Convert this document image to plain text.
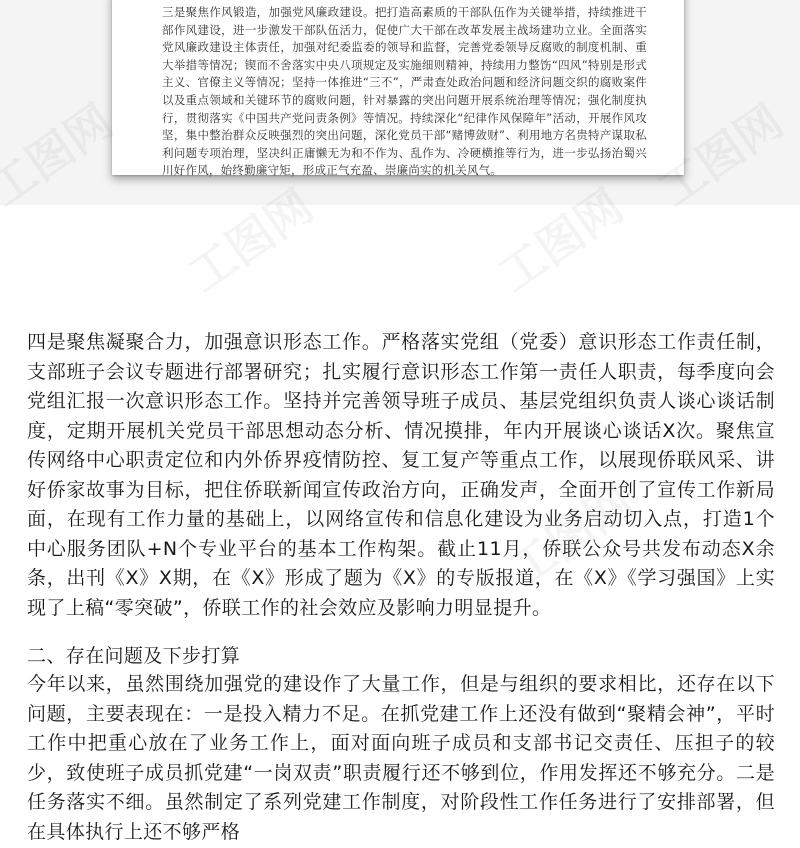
三是聚焦作风锻造，加强党风廉政建设。把打造高素质的干部队伍作为关键举措，持续推进干部作风建设，进一步激发干部队伍活力，促使广大干部在改革发展主战场建功立业。全面落实党风廉政建设主体责任，加强对纪委监委的领导和监督，完善党委领导反腐败的制度机制、重大举措等情况；锲而不舍落实中央八项规定及实施细则精神，持续用力整饬“四风”特别是形式主义、官僚主义等情况；坚持一体推进“三不”，严肃查处政治问题和经济问题交织的腐败案件以及重点领域和关键环节的腐败问题，针对暴露的突出问题开展系统治理等情况；强化制度执行，贯彻落实《中国共产党问责条例》等情况。持续深化“纪律作风保障年”活动，开展作风攻坚，集中整治群众反映强烈的突出问题，深化党员干部“赌博敛财”、利用地方名贵特产谋取私利问题专项治理，坚决纠正庸懒无为和不作为、乱作为、冷硬横推等行为，进一步弘扬治蜀兴川好作风，始终勤廉守矩，形成正气充盈、崇廉尚实的机关风气。
四是聚焦凝聚合力，加强意识形态工作。严格落实党组（党委）意识形态工作责任制，支部班子会议专题进行部署研究；扎实履行意识形态工作第一责任人职责，每季度向会党组汇报一次意识形态工作。坚持并完善领导班子成员、基层党组织负责人谈心谈话制度，定期开展机关党员干部思想动态分析、情况摸排，年内开展谈心谈话X次。聚焦宣传网络中心职责定位和内外侨界疫情防控、复工复产等重点工作，以展现侨联风采、讲好侨家故事为目标，把住侨联新闻宣传政治方向，正确发声，全面开创了宣传工作新局面，在现有工作力量的基础上，以网络宣传和信息化建设为业务启动切入点，打造1个中心服务团队+N个专业平台的基本工作构架。截止11月，侨联公众号共发布动态X余条，出刊《X》X期，在《X》形成了题为《X》的专版报道，在《X》《学习强国》上实现了上稿“零突破”，侨联工作的社会效应及影响力明显提升。
二、存在问题及下步打算
今年以来，虽然围绕加强党的建设作了大量工作，但是与组织的要求相比，还存在以下问题，主要表现在：一是投入精力不足。在抓党建工作上还没有做到“聚精会神”，平时工作中把重心放在了业务工作上，面对面向班子成员和支部书记交责任、压担子的较少，致使班子成员抓党建“一岗双责”职责履行还不够到位，作用发挥还不够充分。二是任务落实不细。虽然制定了系列党建工作制度，对阶段性工作任务进行了安排部署，但在具体执行上还不够严格
